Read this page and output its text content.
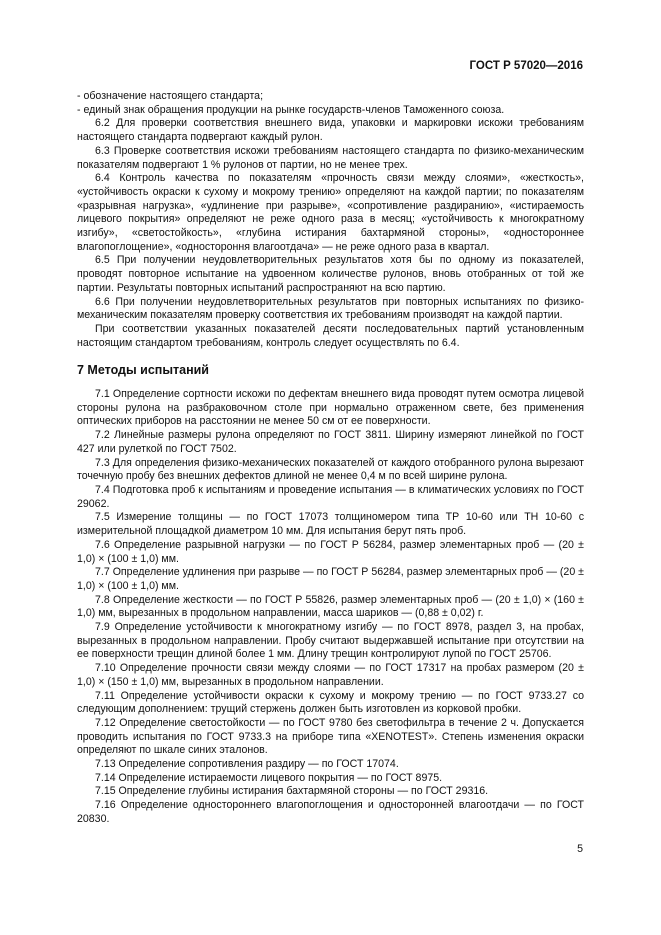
ГОСТ Р 57020—2016

- обозначение настоящего стандарта;

- единый знак обращения продукции на рынке государств-членов Таможенного союза.

6.2 Для проверки соответствия внешнего вида, упаковки и маркировки искожи требованиям настоящего стандарта подвергают каждый рулон.

6.3 Проверке соответствия искожи требованиям настоящего стандарта по физико-механическим показателям подвергают 1 % рулонов от партии, но не менее трех.

6.4 Контроль качества по показателям «прочность связи между слоями», «жесткость», «устойчивость окраски к сухому и мокрому трению» определяют на каждой партии; по показателям «разрывная нагрузка», «удлинение при разрыве», «сопротивление раздиранию», «истираемость лицевого покрытия» определяют не реже одного раза в месяц; «устойчивость к многократному изгибу», «светостойкость», «глубина истирания бахтармяной стороны», «одностороннее влагопоглощение», «одностороння влагоотдача» — не реже одного раза в квартал.

6.5 При получении неудовлетворительных результатов хотя бы по одному из показателей, проводят повторное испытание на удвоенном количестве рулонов, вновь отобранных от той же партии. Результаты повторных испытаний распространяют на всю партию.

6.6 При получении неудовлетворительных результатов при повторных испытаниях по физико-механическим показателям проверку соответствия их требованиям производят на каждой партии.

При соответствии указанных показателей десяти последовательных партий установленным настоящим стандартом требованиям, контроль следует осуществлять по 6.4.

7 Методы испытаний

7.1 Определение сортности искожи по дефектам внешнего вида проводят путем осмотра лицевой стороны рулона на разбраковочном столе при нормально отраженном свете, без применения оптических приборов на расстоянии не менее 50 см от ее поверхности.

7.2 Линейные размеры рулона определяют по ГОСТ 3811. Ширину измеряют линейкой по ГОСТ 427 или рулеткой по ГОСТ 7502.

7.3 Для определения физико-механических показателей от каждого отобранного рулона вырезают точечную пробу без внешних дефектов длиной не менее 0,4 м по всей ширине рулона.

7.4 Подготовка проб к испытаниям и проведение испытания — в климатических условиях по ГОСТ 29062.

7.5 Измерение толщины — по ГОСТ 17073 толщиномером типа ТР 10-60 или ТН 10-60 с измерительной площадкой диаметром 10 мм. Для испытания берут пять проб.

7.6 Определение разрывной нагрузки — по ГОСТ Р 56284, размер элементарных проб — (20 ± 1,0) × (100 ± 1,0) мм.

7.7 Определение удлинения при разрыве — по ГОСТ Р 56284, размер элементарных проб — (20 ± 1,0) × (100 ± 1,0) мм.

7.8 Определение жесткости — по ГОСТ Р 55826, размер элементарных проб — (20 ± 1,0) × (160 ± 1,0) мм, вырезанных в продольном направлении, масса шариков — (0,88 ± 0,02) г.

7.9 Определение устойчивости к многократному изгибу — по ГОСТ 8978, раздел 3, на пробах, вырезанных в продольном направлении. Пробу считают выдержавшей испытание при отсутствии на ее поверхности трещин длиной более 1 мм. Длину трещин контролируют лупой по ГОСТ 25706.

7.10 Определение прочности связи между слоями — по ГОСТ 17317 на пробах размером (20 ± 1,0) × (150 ± 1,0) мм, вырезанных в продольном направлении.

7.11 Определение устойчивости окраски к сухому и мокрому трению — по ГОСТ 9733.27 со следующим дополнением: трущий стержень должен быть изготовлен из корковой пробки.

7.12 Определение светостойкости — по ГОСТ 9780 без светофильтра в течение 2 ч. Допускается проводить испытания по ГОСТ 9733.3 на приборе типа «XENOTEST». Степень изменения окраски определяют по шкале синих эталонов.

7.13 Определение сопротивления раздиру — по ГОСТ 17074.

7.14 Определение истираемости лицевого покрытия — по ГОСТ 8975.

7.15 Определение глубины истирания бахтармяной стороны — по ГОСТ 29316.

7.16 Определение одностороннего влагопоглощения и односторонней влагоотдачи — по ГОСТ 20830.

5
